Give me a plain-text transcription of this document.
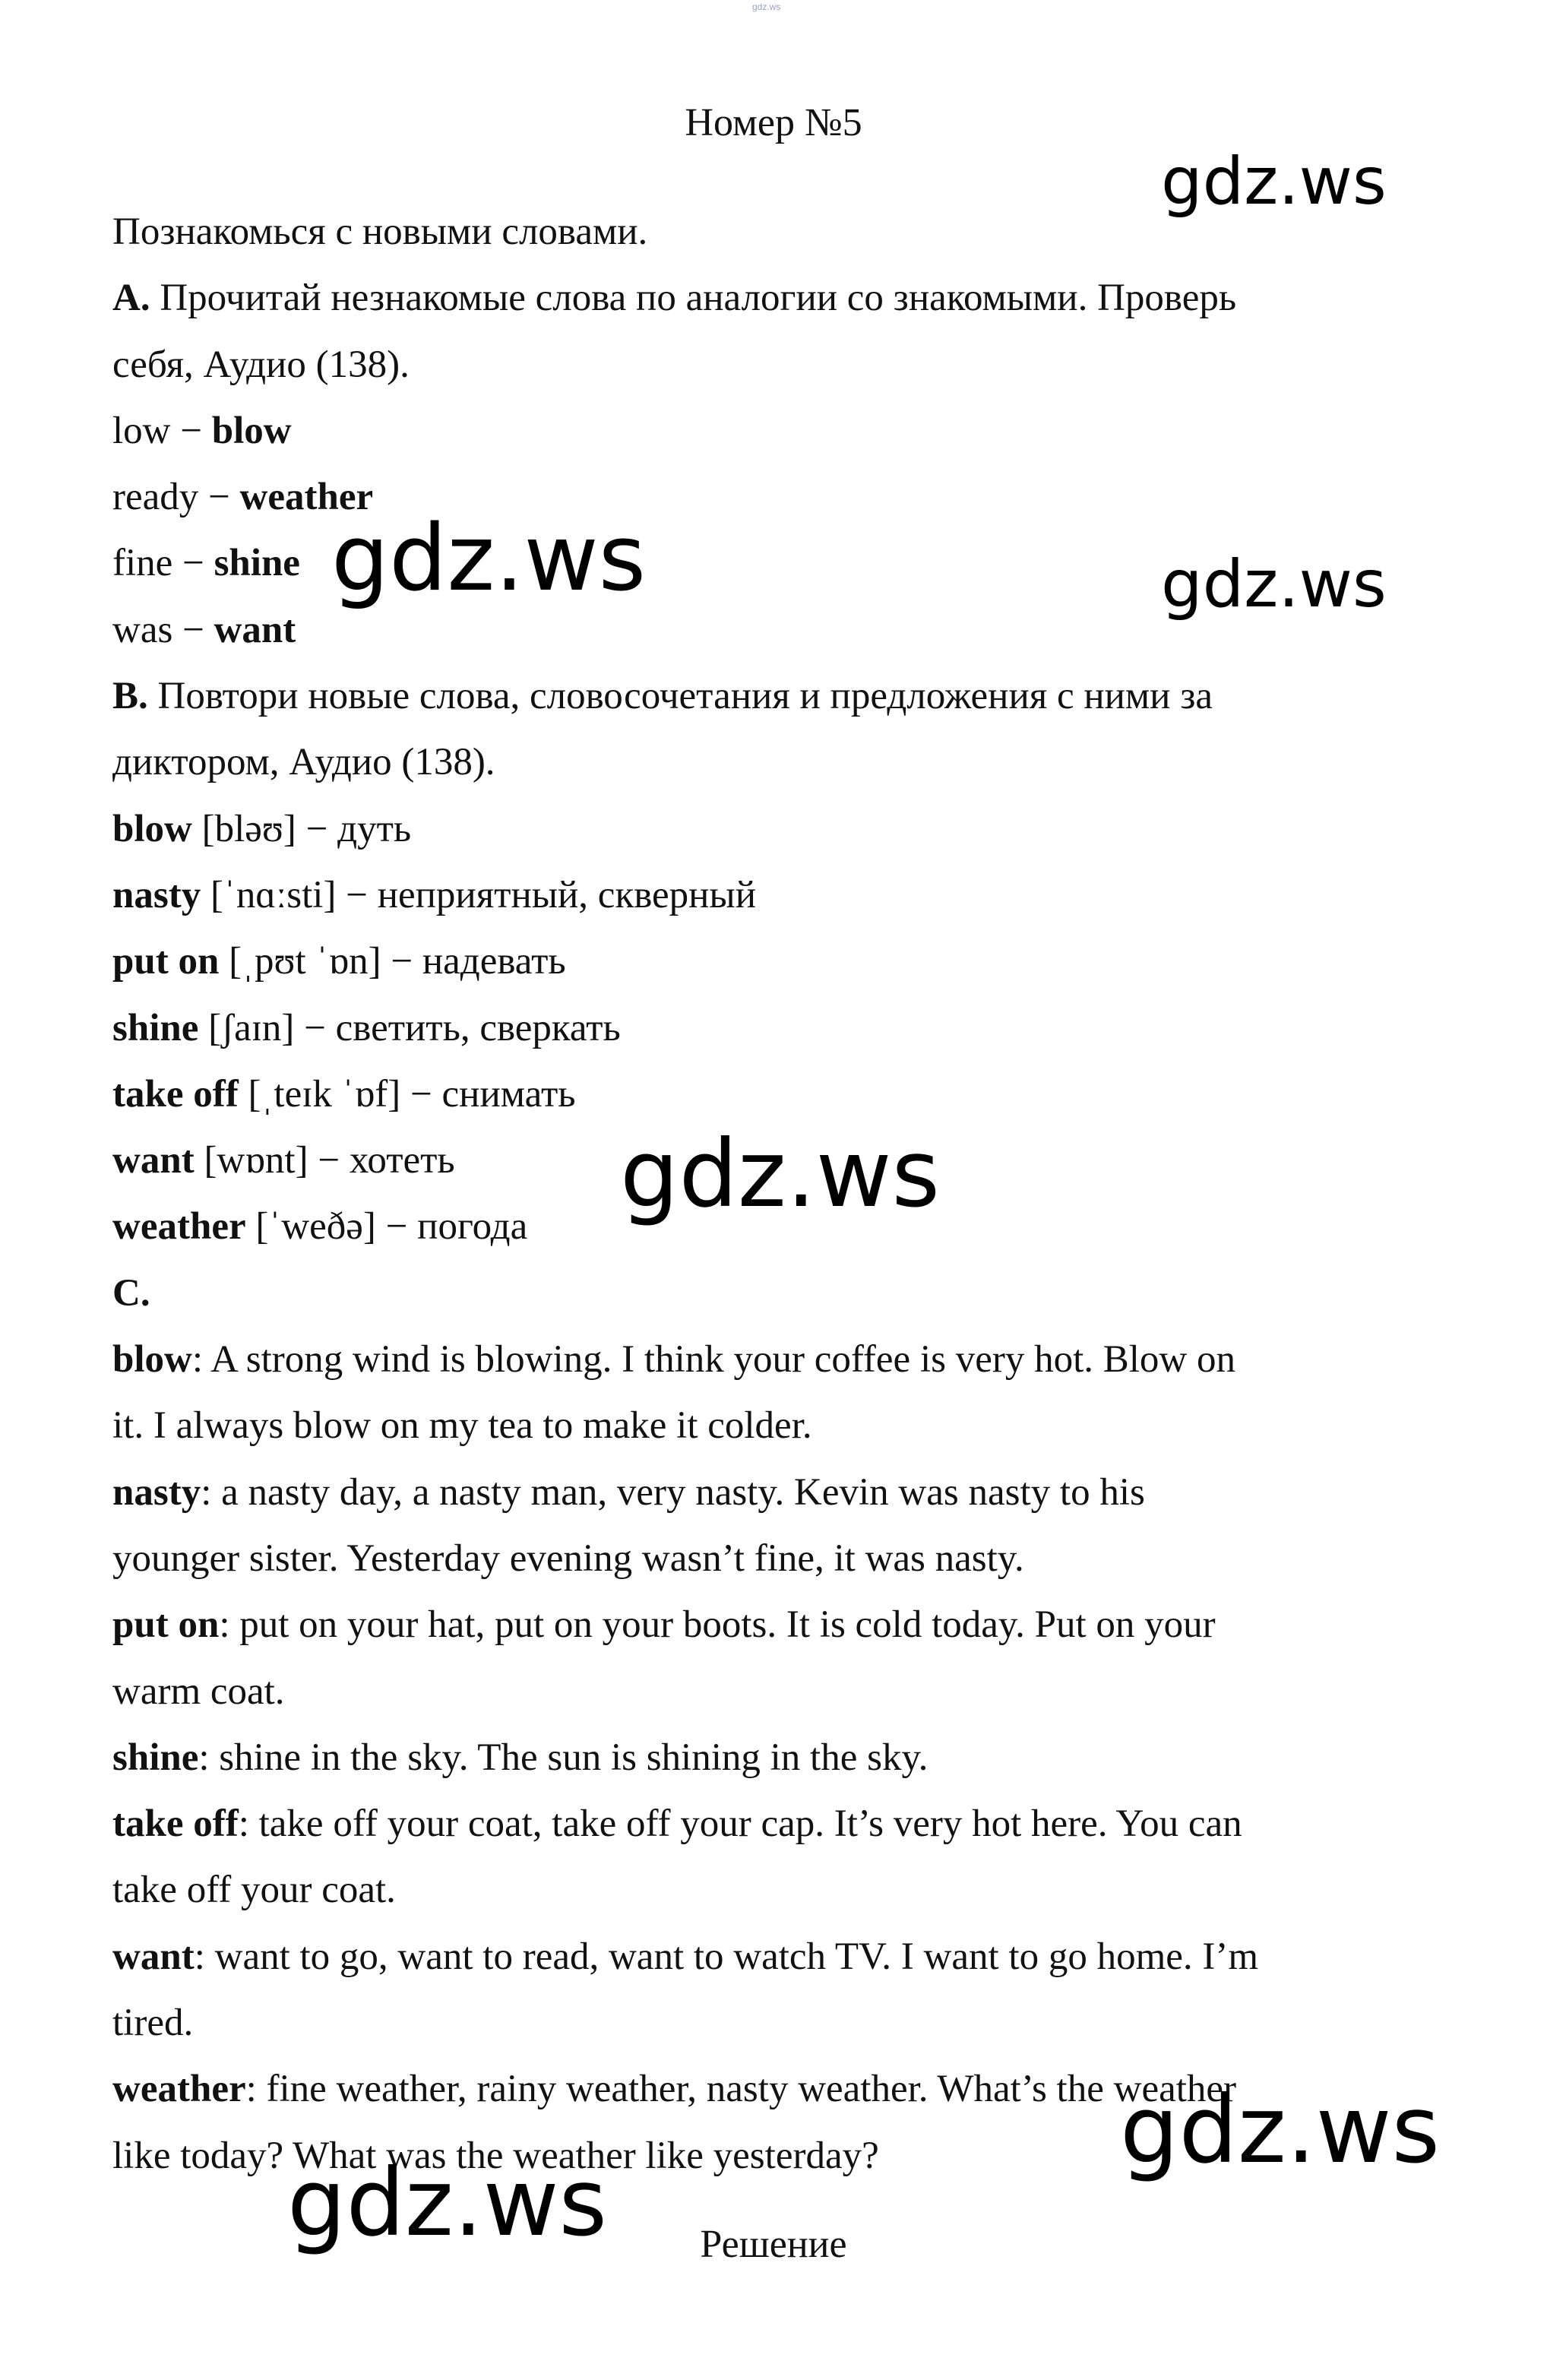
gdz.ws
Номер №5

Познакомься с новыми словами.

A. Прочитай незнакомые слова по аналогии со знакомыми. Проверь

себя, Аудио (138).

low − blow

ready − weather

fine − shine

was − want

B. Повтори новые слова, словосочетания и предложения с ними за

диктором, Аудио (138).

blow [bləʊ] − дуть

nasty [ˈnɑːsti] − неприятный, скверный

put on [ˌpʊt ˈɒn] − надевать

shine [ʃaɪn] − светить, сверкать

take off [ˌteɪk ˈɒf] − снимать

want [wɒnt] − хотеть

weather [ˈweðə] − погода

C.

blow: A strong wind is blowing. I think your coffee is very hot. Blow on

it. I always blow on my tea to make it colder.

nasty: a nasty day, a nasty man, very nasty. Kevin was nasty to his

younger sister. Yesterday evening wasn’t fine, it was nasty.

put on: put on your hat, put on your boots. It is cold today. Put on your

warm coat.

shine: shine in the sky. The sun is shining in the sky.

take off: take off your coat, take off your cap. It’s very hot here. You can

take off your coat.

want: want to go, want to read, want to watch TV. I want to go home. I’m

tired.

weather: fine weather, rainy weather, nasty weather. What’s the weather

like today? What was the weather like yesterday?

Решение
gdz.ws
gdz.ws	gdz.ws
gdz.ws
gdz.ws
gdz.ws
